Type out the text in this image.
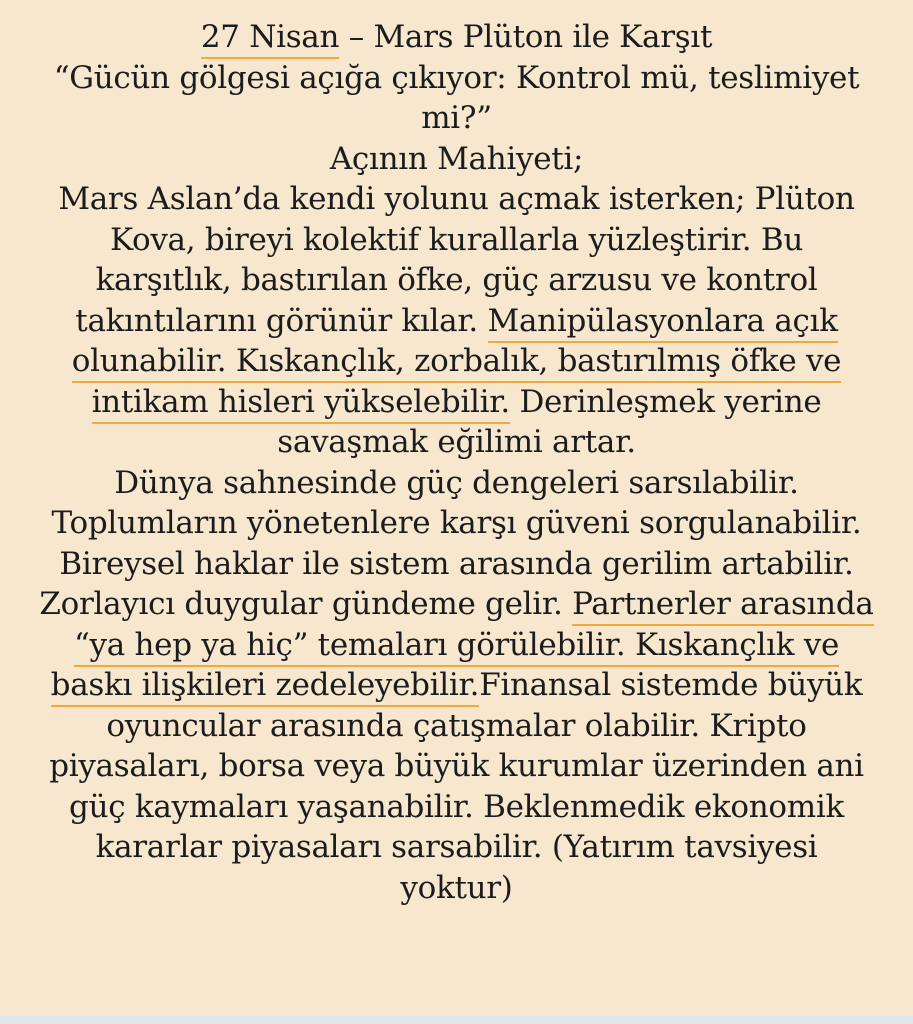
27 Nisan – Mars Plüton ile Karşıt
“Gücün gölgesi açığa çıkıyor: Kontrol mü, teslimiyet
mi?”
Açının Mahiyeti;
Mars Aslan’da kendi yolunu açmak isterken; Plüton
Kova, bireyi kolektif kurallarla yüzleştirir. Bu
karşıtlık, bastırılan öfke, güç arzusu ve kontrol
takıntılarını görünür kılar. Manipülasyonlara açık
olunabilir. Kıskançlık, zorbalık, bastırılmış öfke ve
intikam hisleri yükselebilir. Derinleşmek yerine
savaşmak eğilimi artar.
Dünya sahnesinde güç dengeleri sarsılabilir.
Toplumların yönetenlere karşı güveni sorgulanabilir.
Bireysel haklar ile sistem arasında gerilim artabilir.
Zorlayıcı duygular gündeme gelir. Partnerler arasında
“ya hep ya hiç” temaları görülebilir. Kıskançlık ve
baskı ilişkileri zedeleyebilir.Finansal sistemde büyük
oyuncular arasında çatışmalar olabilir. Kripto
piyasaları, borsa veya büyük kurumlar üzerinden ani
güç kaymaları yaşanabilir. Beklenmedik ekonomik
kararlar piyasaları sarsabilir. (Yatırım tavsiyesi
yoktur)
